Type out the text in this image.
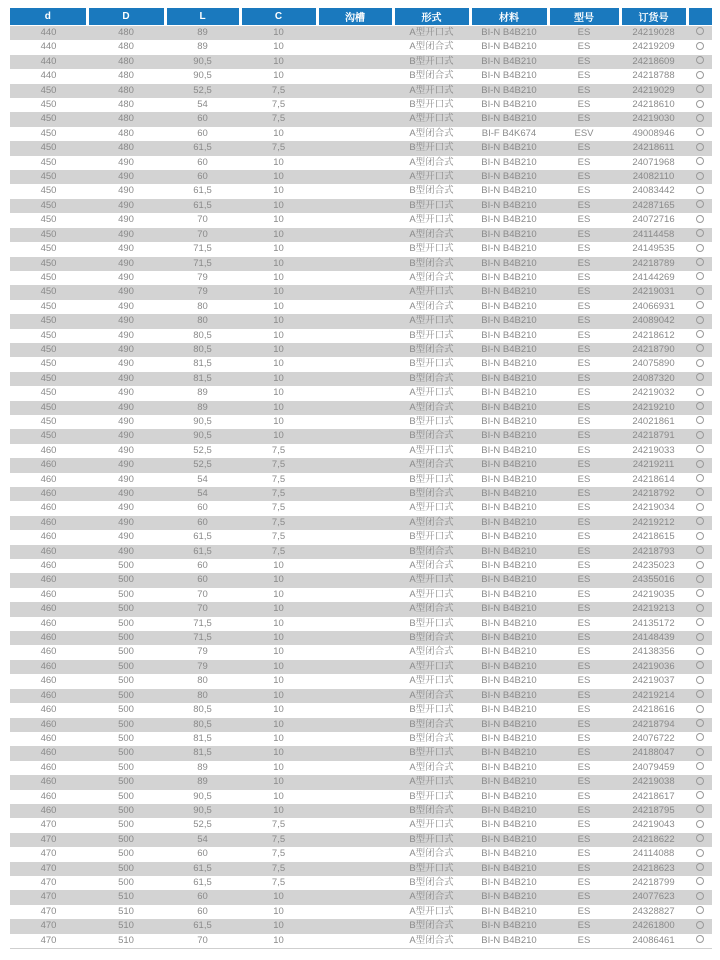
d	D	L	C	沟槽	形式	材料	型号	订货号	
440	480	89	10		A型开口式	BI-N B4B210	ES	24219028	
440	480	89	10		A型闭合式	BI-N B4B210	ES	24219209	
440	480	90,5	10		B型开口式	BI-N B4B210	ES	24218609	
440	480	90,5	10		B型闭合式	BI-N B4B210	ES	24218788	
450	480	52,5	7,5		A型开口式	BI-N B4B210	ES	24219029	
450	480	54	7,5		B型开口式	BI-N B4B210	ES	24218610	
450	480	60	7,5		A型开口式	BI-N B4B210	ES	24219030	
450	480	60	10		A型闭合式	BI-F B4K674	ESV	49008946	
450	480	61,5	7,5		B型开口式	BI-N B4B210	ES	24218611	
450	490	60	10		A型闭合式	BI-N B4B210	ES	24071968	
450	490	60	10		A型开口式	BI-N B4B210	ES	24082110	
450	490	61,5	10		B型闭合式	BI-N B4B210	ES	24083442	
450	490	61,5	10		B型开口式	BI-N B4B210	ES	24287165	
450	490	70	10		A型开口式	BI-N B4B210	ES	24072716	
450	490	70	10		A型闭合式	BI-N B4B210	ES	24114458	
450	490	71,5	10		B型开口式	BI-N B4B210	ES	24149535	
450	490	71,5	10		B型闭合式	BI-N B4B210	ES	24218789	
450	490	79	10		A型闭合式	BI-N B4B210	ES	24144269	
450	490	79	10		A型开口式	BI-N B4B210	ES	24219031	
450	490	80	10		A型闭合式	BI-N B4B210	ES	24066931	
450	490	80	10		A型开口式	BI-N B4B210	ES	24089042	
450	490	80,5	10		B型开口式	BI-N B4B210	ES	24218612	
450	490	80,5	10		B型闭合式	BI-N B4B210	ES	24218790	
450	490	81,5	10		B型开口式	BI-N B4B210	ES	24075890	
450	490	81,5	10		B型闭合式	BI-N B4B210	ES	24087320	
450	490	89	10		A型开口式	BI-N B4B210	ES	24219032	
450	490	89	10		A型闭合式	BI-N B4B210	ES	24219210	
450	490	90,5	10		B型开口式	BI-N B4B210	ES	24021861	
450	490	90,5	10		B型闭合式	BI-N B4B210	ES	24218791	
460	490	52,5	7,5		A型开口式	BI-N B4B210	ES	24219033	
460	490	52,5	7,5		A型闭合式	BI-N B4B210	ES	24219211	
460	490	54	7,5		B型开口式	BI-N B4B210	ES	24218614	
460	490	54	7,5		B型闭合式	BI-N B4B210	ES	24218792	
460	490	60	7,5		A型开口式	BI-N B4B210	ES	24219034	
460	490	60	7,5		A型闭合式	BI-N B4B210	ES	24219212	
460	490	61,5	7,5		B型开口式	BI-N B4B210	ES	24218615	
460	490	61,5	7,5		B型闭合式	BI-N B4B210	ES	24218793	
460	500	60	10		A型闭合式	BI-N B4B210	ES	24235023	
460	500	60	10		A型开口式	BI-N B4B210	ES	24355016	
460	500	70	10		A型开口式	BI-N B4B210	ES	24219035	
460	500	70	10		A型闭合式	BI-N B4B210	ES	24219213	
460	500	71,5	10		B型开口式	BI-N B4B210	ES	24135172	
460	500	71,5	10		B型闭合式	BI-N B4B210	ES	24148439	
460	500	79	10		A型闭合式	BI-N B4B210	ES	24138356	
460	500	79	10		A型开口式	BI-N B4B210	ES	24219036	
460	500	80	10		A型开口式	BI-N B4B210	ES	24219037	
460	500	80	10		A型闭合式	BI-N B4B210	ES	24219214	
460	500	80,5	10		B型开口式	BI-N B4B210	ES	24218616	
460	500	80,5	10		B型闭合式	BI-N B4B210	ES	24218794	
460	500	81,5	10		B型闭合式	BI-N B4B210	ES	24076722	
460	500	81,5	10		B型开口式	BI-N B4B210	ES	24188047	
460	500	89	10		A型闭合式	BI-N B4B210	ES	24079459	
460	500	89	10		A型开口式	BI-N B4B210	ES	24219038	
460	500	90,5	10		B型开口式	BI-N B4B210	ES	24218617	
460	500	90,5	10		B型闭合式	BI-N B4B210	ES	24218795	
470	500	52,5	7,5		A型开口式	BI-N B4B210	ES	24219043	
470	500	54	7,5		B型开口式	BI-N B4B210	ES	24218622	
470	500	60	7,5		A型闭合式	BI-N B4B210	ES	24114088	
470	500	61,5	7,5		B型开口式	BI-N B4B210	ES	24218623	
470	500	61,5	7,5		B型闭合式	BI-N B4B210	ES	24218799	
470	510	60	10		A型闭合式	BI-N B4B210	ES	24077623	
470	510	60	10		A型开口式	BI-N B4B210	ES	24328827	
470	510	61,5	10		B型闭合式	BI-N B4B210	ES	24261800	
470	510	70	10		A型闭合式	BI-N B4B210	ES	24086461	
